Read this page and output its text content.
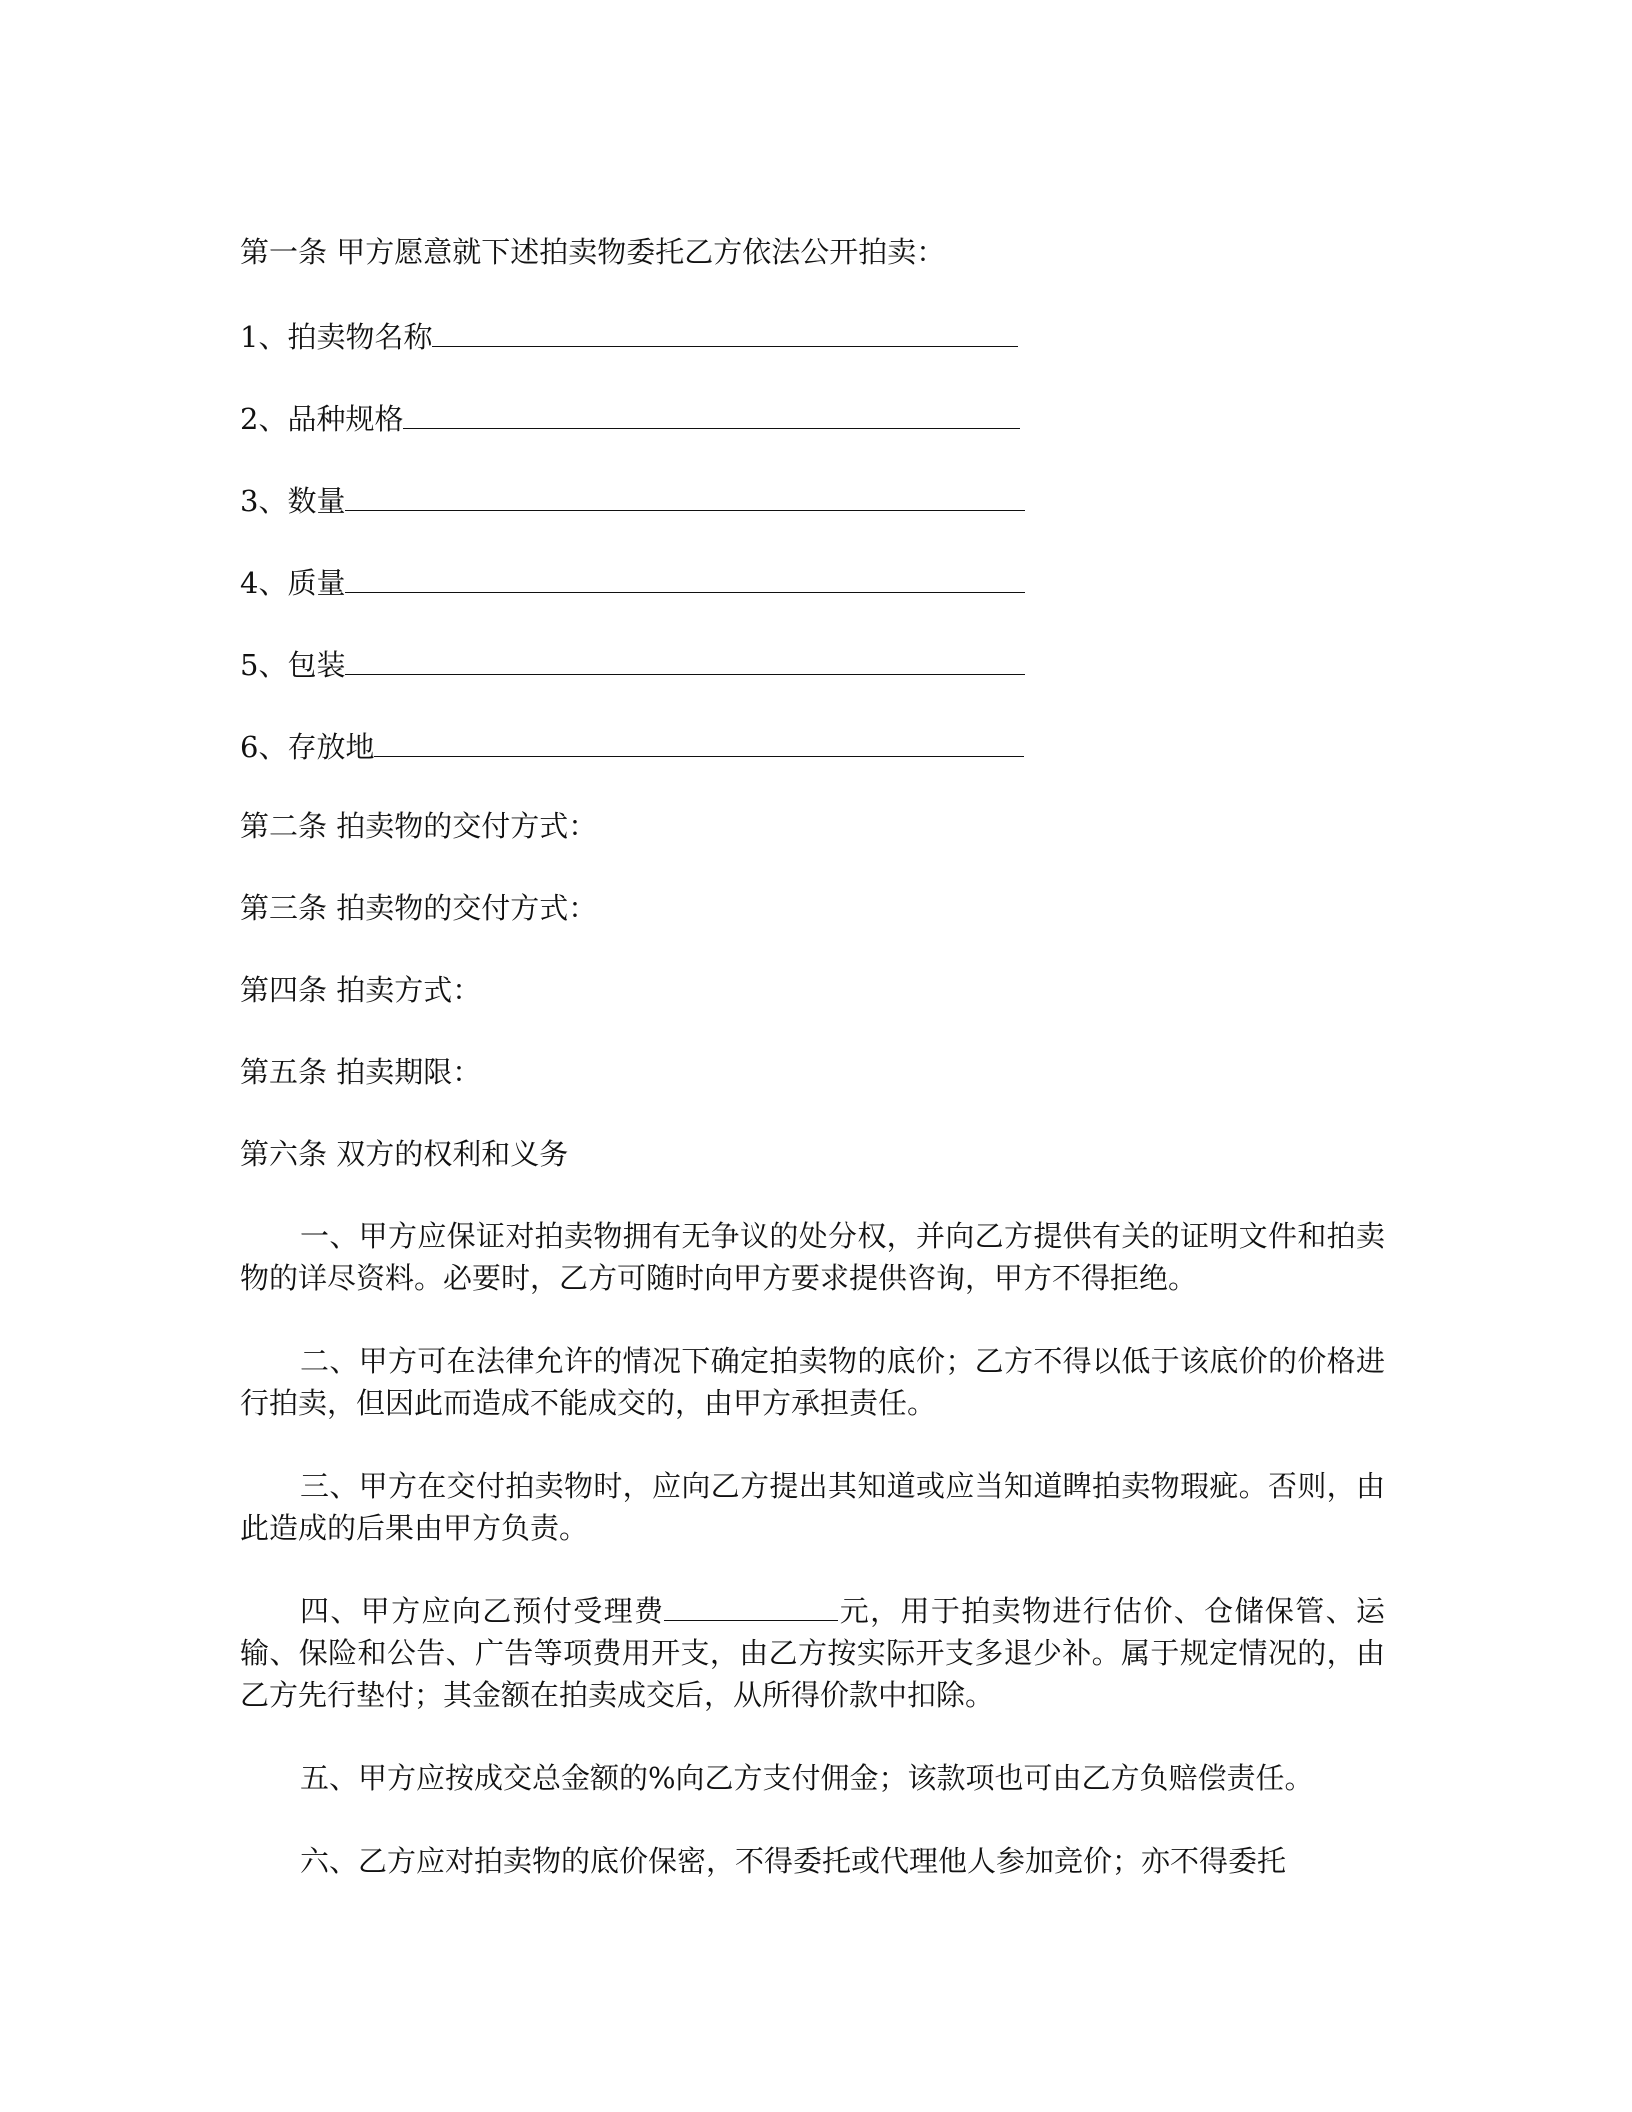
第一条 甲方愿意就下述拍卖物委托乙方依法公开拍卖：
1、拍卖物名称
2、品种规格
3、数量
4、质量
5、包装
6、存放地
第二条 拍卖物的交付方式：
第三条 拍卖物的交付方式：
第四条 拍卖方式：
第五条 拍卖期限：
第六条 双方的权利和义务
一、甲方应保证对拍卖物拥有无争议的处分权，并向乙方提供有关的证明文件和拍卖物的详尽资料。必要时，乙方可随时向甲方要求提供咨询，甲方不得拒绝。
二、甲方可在法律允许的情况下确定拍卖物的底价；乙方不得以低于该底价的价格进行拍卖，但因此而造成不能成交的，由甲方承担责任。
三、甲方在交付拍卖物时，应向乙方提出其知道或应当知道睥拍卖物瑕疵。否则，由此造成的后果由甲方负责。
四、甲方应向乙预付受理费	元，用于拍卖物进行估价、仓储保管、运输、保险和公告、广告等项费用开支，由乙方按实际开支多退少补。属于规定情况的，由乙方先行垫付；其金额在拍卖成交后，从所得价款中扣除。
五、甲方应按成交总金额的%向乙方支付佣金；该款项也可由乙方负赔偿责任。
六、乙方应对拍卖物的底价保密，不得委托或代理他人参加竞价；亦不得委托
